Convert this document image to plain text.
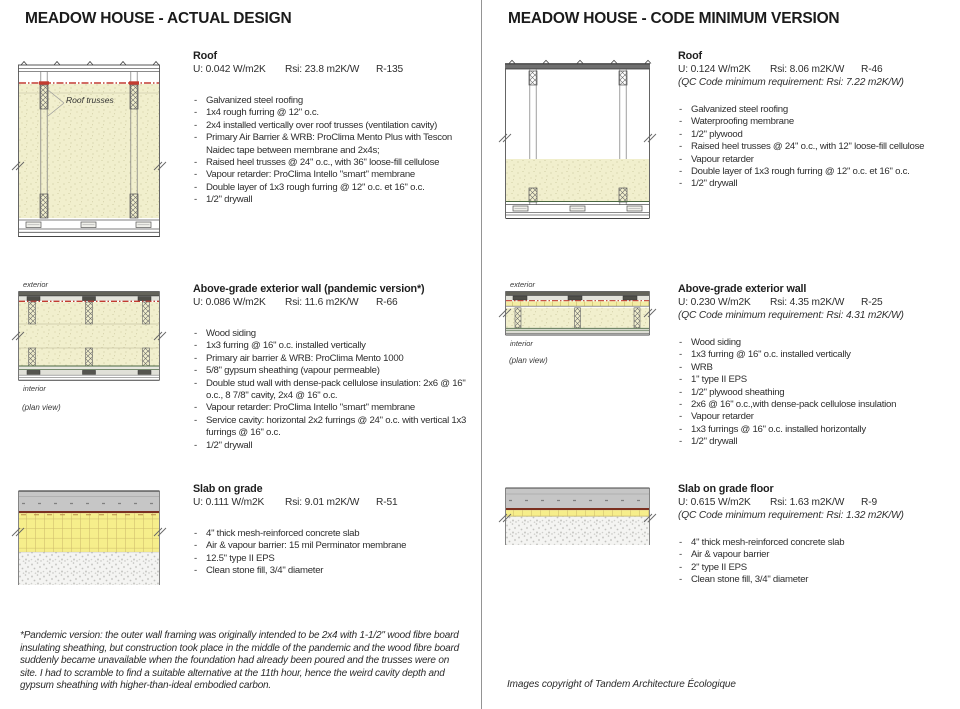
MEADOW HOUSE - ACTUAL DESIGN
Roof trusses
exterior
interior
(plan view)
Roof
U: 0.042 W/m2K	Rsi: 23.8 m2K/W	R-135
- Galvanized steel roofing
- 1x4 rough furring @ 12" o.c.
- 2x4 installed vertically over roof trusses (ventilation cavity)
- Primary Air Barrier & WRB: ProClima Mento Plus with Tescon Naidec tape between membrane and 2x4s;
- Raised heel trusses @ 24" o.c., with 36" loose-fill cellulose
- Vapour retarder: ProClima Intello "smart" membrane
- Double layer of 1x3 rough furring @ 12" o.c. et 16" o.c.
- 1/2" drywall
Above-grade exterior wall (pandemic version*)
U: 0.086 W/m2K	Rsi: 11.6 m2K/W	R-66
- Wood siding
- 1x3 furring @ 16" o.c. installed vertically
- Primary air barrier & WRB: ProClima Mento 1000
- 5/8" gypsum sheathing (vapour permeable)
- Double stud wall with dense-pack cellulose insulation: 2x6 @ 16" o.c., 8 7/8" cavity, 2x4 @ 16" o.c.
- Vapour retarder: ProClima Intello "smart" membrane
- Service cavity: horizontal 2x2 furrings @ 24" o.c. with vertical 1x3 furrings @ 16" o.c.
- 1/2" drywall
Slab on grade
U: 0.111 W/m2K	Rsi: 9.01 m2K/W	R-51
- 4" thick mesh-reinforced concrete slab
- Air & vapour barrier: 15 mil Perminator membrane
- 12.5" type II EPS
- Clean stone fill, 3/4" diameter
*Pandemic version: the outer wall framing was originally intended to be 2x4 with 1-1/2" wood fibre board insulating sheathing, but construction took place in the middle of the pandemic and the wood fibre board suddenly became unavailable when the foundation had already been poured and the trusses were on site. I had to scramble to find a suitable alternative at the 11th hour, hence the weird cavity depth and gypsum sheathing with higher-than-ideal embodied carbon.
MEADOW HOUSE - CODE MINIMUM VERSION
exterior
interior
(plan view)
Roof
U: 0.124 W/m2K	Rsi: 8.06 m2K/W	R-46
(QC Code minimum requirement: Rsi: 7.22 m2K/W)
- Galvanized steel roofing
- Waterproofing membrane
- 1/2" plywood
- Raised heel trusses @ 24" o.c., with 12" loose-fill cellulose
- Vapour retarder
- Double layer of 1x3 rough furring @ 12" o.c. et 16" o.c.
- 1/2" drywall
Above-grade exterior wall
U: 0.230 W/m2K	Rsi: 4.35 m2K/W	R-25
(QC Code minimum requirement: Rsi: 4.31 m2K/W)
- Wood siding
- 1x3 furring @ 16" o.c. installed vertically
- WRB
- 1" type II EPS
- 1/2" plywood sheathing
- 2x6 @ 16" o.c.,with dense-pack cellulose insulation
- Vapour retarder
- 1x3 furrings @ 16" o.c. installed horizontally
- 1/2" drywall
Slab on grade floor
U: 0.615 W/m2K	Rsi: 1.63 m2K/W	R-9
(QC Code minimum requirement: Rsi: 1.32 m2K/W)
- 4" thick mesh-reinforced concrete slab
- Air & vapour barrier
- 2" type II EPS
- Clean stone fill, 3/4" diameter
Images copyright of Tandem Architecture Écologique
